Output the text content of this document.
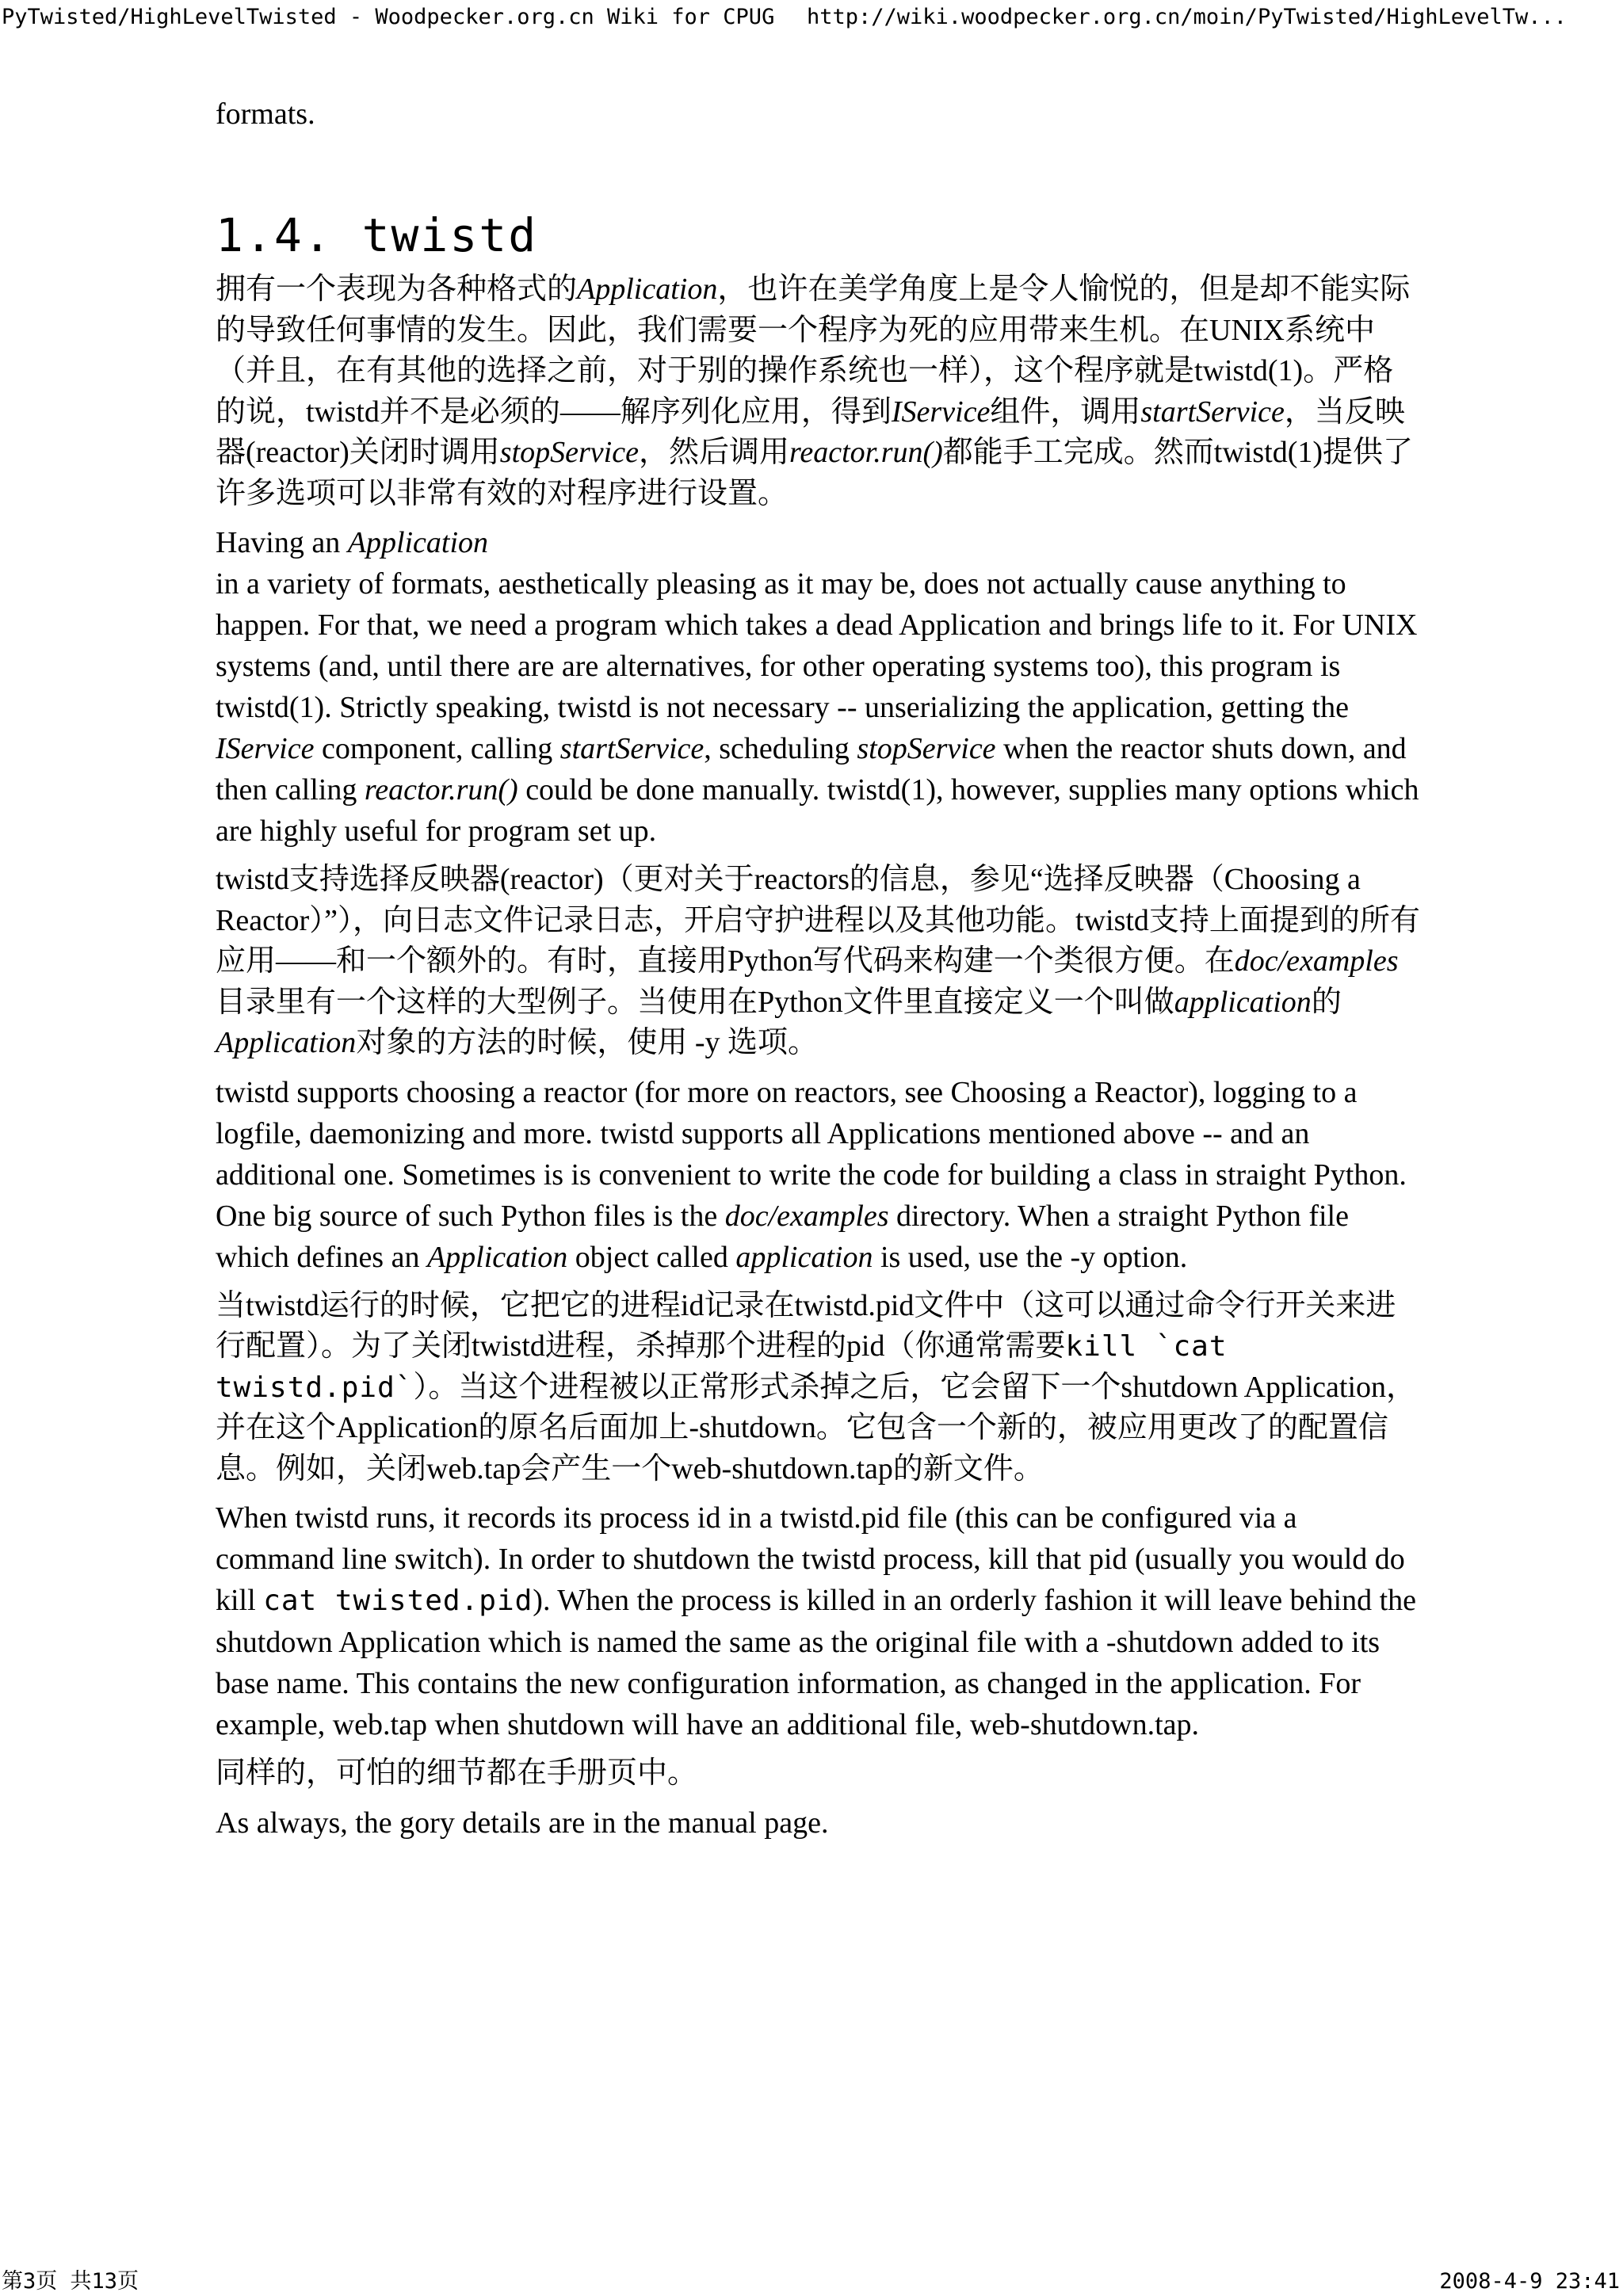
PyTwisted/HighLevelTwisted - Woodpecker.org.cn Wiki for CPUG http://wiki.woodpecker.org.cn/moin/PyTwisted/HighLevelTw...

formats.

1.4. twistd

拥有一个表现为各种格式的Application，也许在美学角度上是令人愉悦的，但是却不能实际的导致任何事情的发生。因此，我们需要一个程序为死的应用带来生机。在UNIX系统中（并且，在有其他的选择之前，对于别的操作系统也一样），这个程序就是twistd(1)。严格的说，twistd并不是必须的——解序列化应用，得到IService组件，调用startService，当反映器(reactor)关闭时调用stopService，然后调用reactor.run()都能手工完成。然而twistd(1)提供了许多选项可以非常有效的对程序进行设置。

Having an Application
in a variety of formats, aesthetically pleasing as it may be, does not actually cause anything to happen. For that, we need a program which takes a dead Application and brings life to it. For UNIX systems (and, until there are are alternatives, for other operating systems too), this program is twistd(1). Strictly speaking, twistd is not necessary -- unserializing the application, getting the IService component, calling startService, scheduling stopService when the reactor shuts down, and then calling reactor.run() could be done manually. twistd(1), however, supplies many options which are highly useful for program set up.

twistd支持选择反映器(reactor)（更对关于reactors的信息，参见“选择反映器（Choosing a Reactor）”），向日志文件记录日志，开启守护进程以及其他功能。twistd支持上面提到的所有应用——和一个额外的。有时，直接用Python写代码来构建一个类很方便。在doc/examples目录里有一个这样的大型例子。当使用在Python文件里直接定义一个叫做application的Application对象的方法的时候，使用 -y 选项。

twistd supports choosing a reactor (for more on reactors, see Choosing a Reactor), logging to a logfile, daemonizing and more. twistd supports all Applications mentioned above -- and an additional one. Sometimes is is convenient to write the code for building a class in straight Python. One big source of such Python files is the doc/examples directory. When a straight Python file which defines an Application object called application is used, use the -y option.

当twistd运行的时候，它把它的进程id记录在twistd.pid文件中（这可以通过命令行开关来进行配置）。为了关闭twistd进程，杀掉那个进程的pid（你通常需要kill `cat twistd.pid`）。当这个进程被以正常形式杀掉之后，它会留下一个shutdown Application，并在这个Application的原名后面加上-shutdown。它包含一个新的，被应用更改了的配置信息。例如，关闭web.tap会产生一个web-shutdown.tap的新文件。

When twistd runs, it records its process id in a twistd.pid file (this can be configured via a command line switch). In order to shutdown the twistd process, kill that pid (usually you would do kill cat twisted.pid). When the process is killed in an orderly fashion it will leave behind the shutdown Application which is named the same as the original file with a -shutdown added to its base name. This contains the new configuration information, as changed in the application. For example, web.tap when shutdown will have an additional file, web-shutdown.tap.

同样的，可怕的细节都在手册页中。

As always, the gory details are in the manual page.

第3页 共13页	2008-4-9 23:41
